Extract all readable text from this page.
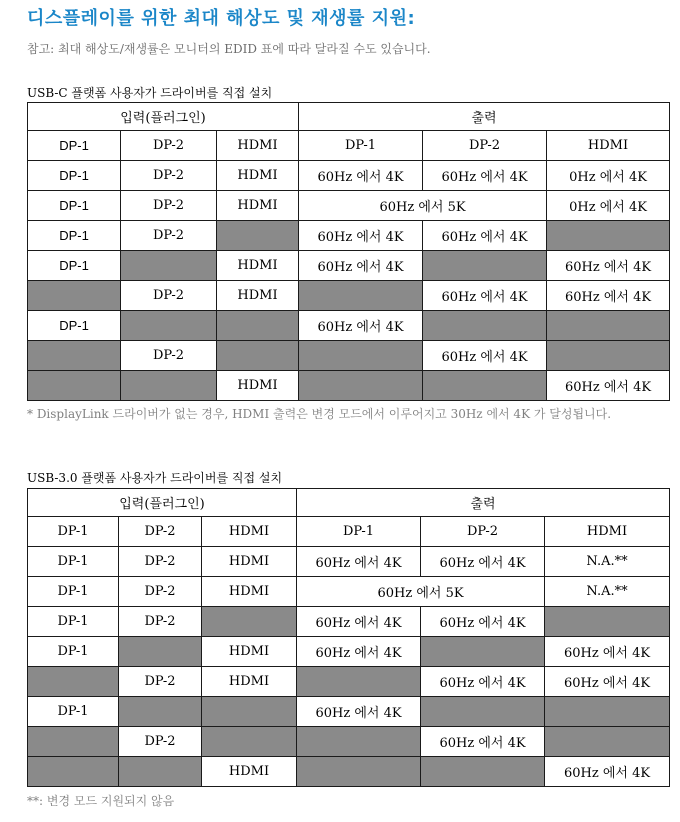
디스플레이를 위한 최대 해상도 및 재생률 지원:
참고: 최대 해상도/재생률은 모니터의 EDID 표에 따라 달라질 수도 있습니다.
USB-C 플랫폼 사용자가 드라이버를 직접 설치
입력(플러그인)			출력		
DP-1	DP-2	HDMI	DP-1	DP-2	HDMI
DP-1	DP-2	HDMI	60Hz 에서 4K	60Hz 에서 4K	0Hz 에서 4K
DP-1	DP-2	HDMI	60Hz 에서 5K		0Hz 에서 4K
DP-1	DP-2		60Hz 에서 4K	60Hz 에서 4K	
DP-1		HDMI	60Hz 에서 4K		60Hz 에서 4K
	DP-2	HDMI		60Hz 에서 4K	60Hz 에서 4K
DP-1			60Hz 에서 4K		
	DP-2			60Hz 에서 4K	
		HDMI			60Hz 에서 4K
* DisplayLink 드라이버가 없는 경우, HDMI 출력은 변경 모드에서 이루어지고 30Hz 에서 4K 가 달성됩니다.
USB-3.0 플랫폼 사용자가 드라이버를 직접 설치
입력(플러그인)			출력		
DP-1	DP-2	HDMI	DP-1	DP-2	HDMI
DP-1	DP-2	HDMI	60Hz 에서 4K	60Hz 에서 4K	N.A.**
DP-1	DP-2	HDMI	60Hz 에서 5K		N.A.**
DP-1	DP-2		60Hz 에서 4K	60Hz 에서 4K	
DP-1		HDMI	60Hz 에서 4K		60Hz 에서 4K
	DP-2	HDMI		60Hz 에서 4K	60Hz 에서 4K
DP-1			60Hz 에서 4K		
	DP-2			60Hz 에서 4K	
		HDMI			60Hz 에서 4K
**: 변경 모드 지원되지 않음
